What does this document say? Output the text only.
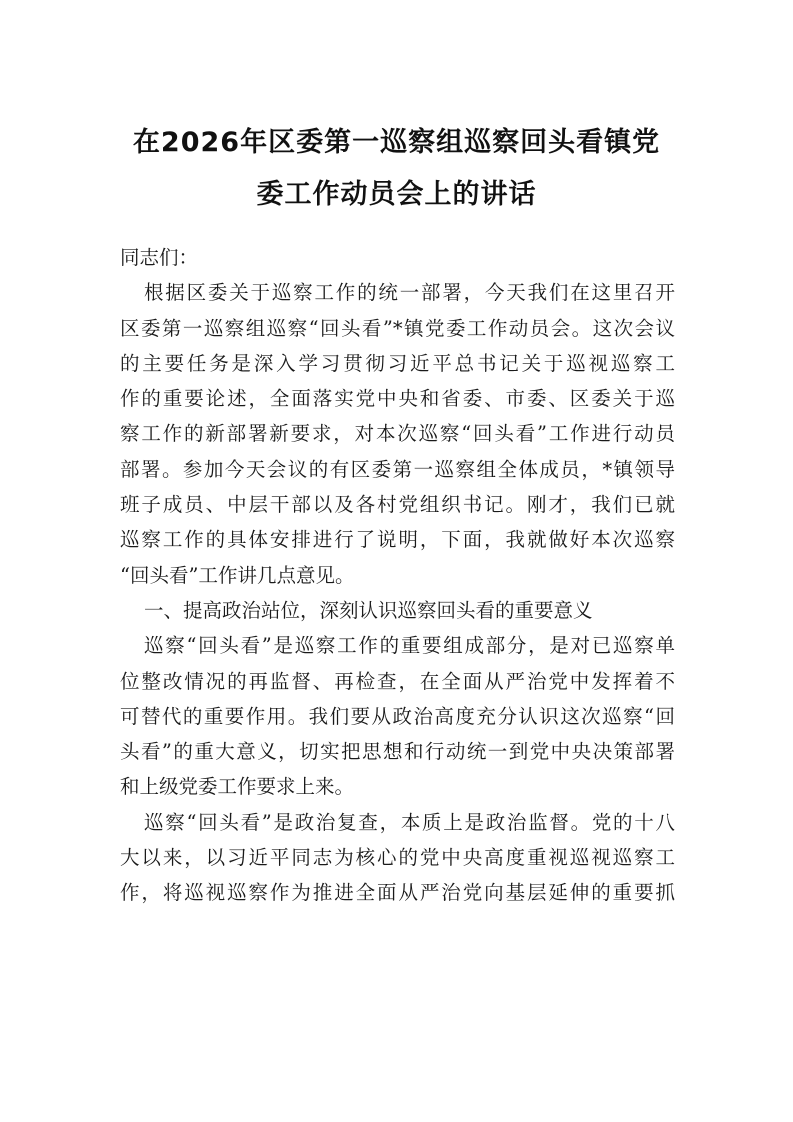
在2026年区委第一巡察组巡察回头看镇党
委工作动员会上的讲话
同志们：
根据区委关于巡察工作的统一部署，今天我们在这里召开
区委第一巡察组巡察“回头看”*镇党委工作动员会。这次会议
的主要任务是深入学习贯彻习近平总书记关于巡视巡察工
作的重要论述，全面落实党中央和省委、市委、区委关于巡
察工作的新部署新要求，对本次巡察“回头看”工作进行动员
部署。参加今天会议的有区委第一巡察组全体成员，*镇领导
班子成员、中层干部以及各村党组织书记。刚才，我们已就
巡察工作的具体安排进行了说明，下面，我就做好本次巡察
“回头看”工作讲几点意见。
一、提高政治站位，深刻认识巡察回头看的重要意义
巡察“回头看”是巡察工作的重要组成部分，是对已巡察单
位整改情况的再监督、再检查，在全面从严治党中发挥着不
可替代的重要作用。我们要从政治高度充分认识这次巡察“回
头看”的重大意义，切实把思想和行动统一到党中央决策部署
和上级党委工作要求上来。
巡察“回头看”是政治复查，本质上是政治监督。党的十八
大以来，以习近平同志为核心的党中央高度重视巡视巡察工
作，将巡视巡察作为推进全面从严治党向基层延伸的重要抓
